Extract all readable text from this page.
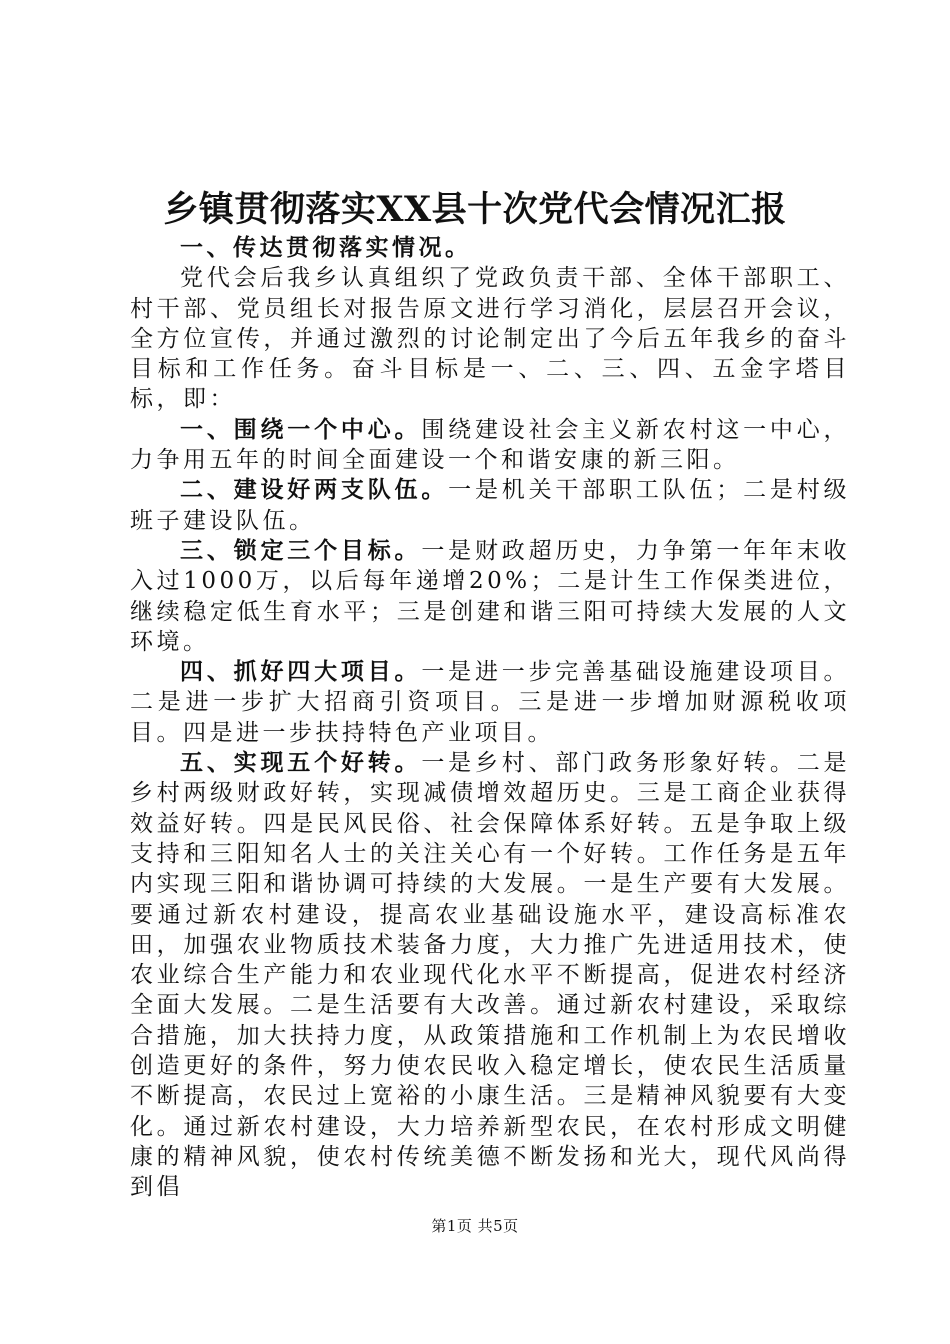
乡镇贯彻落实XX县十次党代会情况汇报

一、传达贯彻落实情况。

党代会后我乡认真组织了党政负责干部、全体干部职工、村干部、党员组长对报告原文进行学习消化，层层召开会议，全方位宣传，并通过激烈的讨论制定出了今后五年我乡的奋斗目标和工作任务。奋斗目标是一、二、三、四、五金字塔目标，即：

一、围绕一个中心。围绕建设社会主义新农村这一中心，力争用五年的时间全面建设一个和谐安康的新三阳。

二、建设好两支队伍。一是机关干部职工队伍；二是村级班子建设队伍。

三、锁定三个目标。一是财政超历史，力争第一年年末收入过1000万，以后每年递增20%；二是计生工作保类进位，继续稳定低生育水平；三是创建和谐三阳可持续大发展的人文环境。

四、抓好四大项目。一是进一步完善基础设施建设项目。二是进一步扩大招商引资项目。三是进一步增加财源税收项目。四是进一步扶持特色产业项目。

五、实现五个好转。一是乡村、部门政务形象好转。二是乡村两级财政好转，实现减债增效超历史。三是工商企业获得效益好转。四是民风民俗、社会保障体系好转。五是争取上级支持和三阳知名人士的关注关心有一个好转。工作任务是五年内实现三阳和谐协调可持续的大发展。一是生产要有大发展。要通过新农村建设，提高农业基础设施水平，建设高标准农田，加强农业物质技术装备力度，大力推广先进适用技术，使农业综合生产能力和农业现代化水平不断提高，促进农村经济全面大发展。二是生活要有大改善。通过新农村建设，采取综合措施，加大扶持力度，从政策措施和工作机制上为农民增收创造更好的条件，努力使农民收入稳定增长，使农民生活质量不断提高，农民过上宽裕的小康生活。三是精神风貌要有大变化。通过新农村建设，大力培养新型农民，在农村形成文明健康的精神风貌，使农村传统美德不断发扬和光大，现代风尚得到倡

第1页 共5页
